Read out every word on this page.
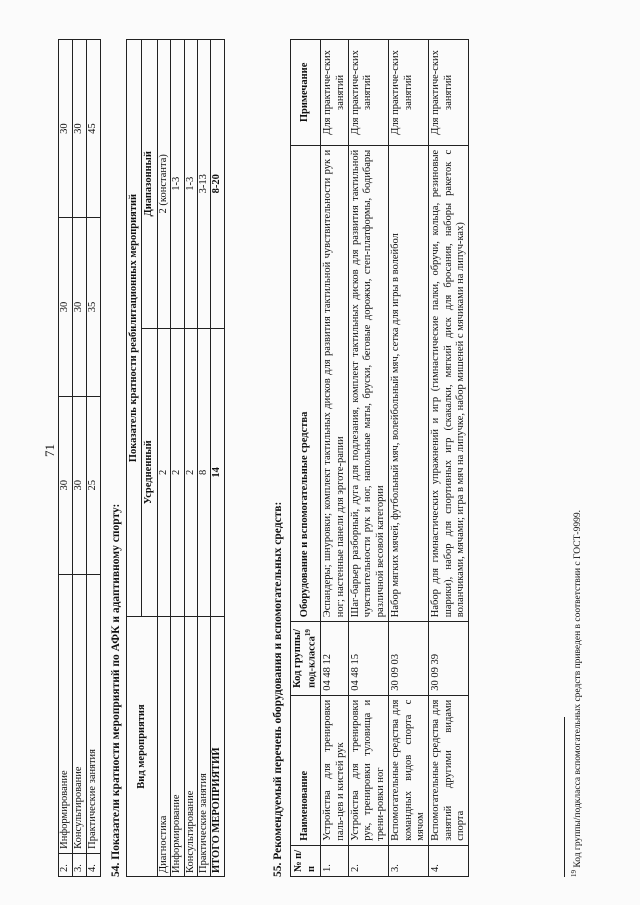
71
2.	Информирование	30	30	30
3.	Консультирование	30	30	30
4.	Практические занятия	25	35	45
54. Показатели кратности мероприятий по АФК и адаптивному спорту: Вид мероприятия	Показатель кратности реабилитационных мероприятий	
	Усредненный	Диапазонный
Диагностика	2	2 (константа)
Информирование	2	1-3
Консультирование	2	1-3
Практические занятия	8	3-13
ИТОГО МЕРОПРИЯТИЙ	14	8-20
55. Рекомендуемый перечень оборудования и вспомогательных средств: № п/п	Наименование	Код группы/под-класса$^{19}$	Оборудование и вспомогательные средства	Примечание
1.	Устройства для тренировки паль-цев и кистей рук	04 48 12	Эспандеры; шнуровки; комплект тактильных дисков для развития тактильной чувствительности рук и ног; настенные панели для эрготе-рапии	Для практиче-ских занятий
2.	Устройства для тренировки рук, тренировки туловища и трени-ровки ног	04 48 15	Шаг-барьер разборный, дуга для подлезания, комплект тактильных дисков для развития тактильной чувствительности рук и ног, напольные маты, бруски, беговые дорожки, степ-платформы, бодибары различной весовой категории	Для практиче-ских занятий
3.	Вспомогательные средства для командных видов спорта с мячом	30 09 03	Набор мягких мячей, футбольный мяч, волейбольный мяч, сетка для игры в волейбол	Для практиче-ских занятий
4.	Вспомогательные средства для занятий другими видами спорта	30 09 39	Набор для гимнастических упражнений и игр (гимнастические палки, обручи, кольца, резиновые шарики), набор для спортивных игр (скакалки, мягкий диск для бросания, наборы ракеток с воланчиками, мячами; игра в мяч на липучке, набор мишеней с мячиками на липуч-ках)	Для практиче-ских занятий
$^{19}$ Код группы/подкласса вспомогательных средств приведен в соответствии с ГОСТ-9999.
